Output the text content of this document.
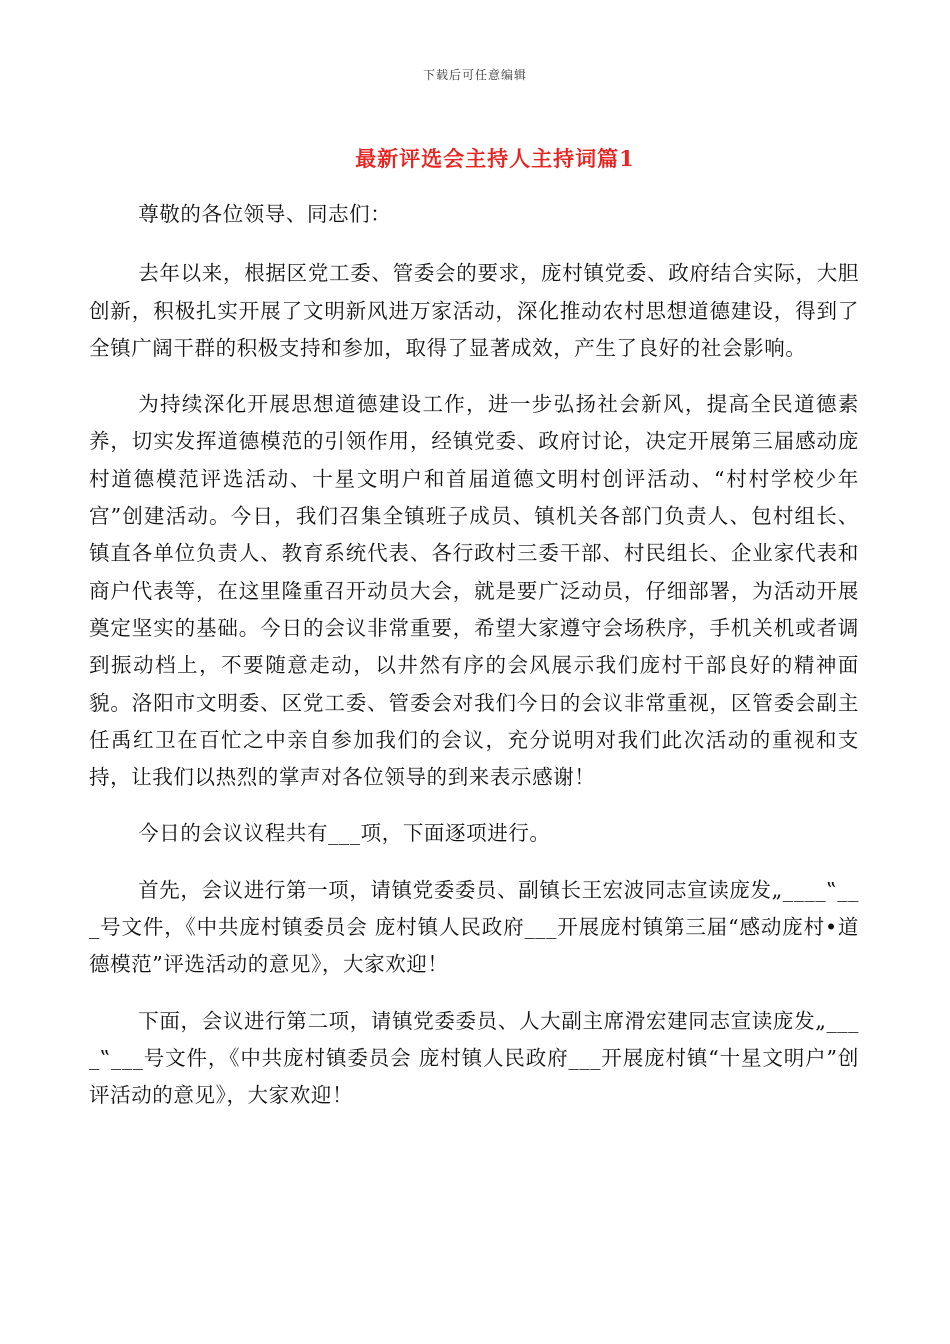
下载后可任意编辑
最新评选会主持人主持词篇1

尊敬的各位领导、同志们：

去年以来，根据区党工委、管委会的要求，庞村镇党委、政府结合实际，大胆创新，积极扎实开展了文明新风进万家活动，深化推动农村思想道德建设，得到了全镇广阔干群的积极支持和参加，取得了显著成效，产生了良好的社会影响。

为持续深化开展思想道德建设工作，进一步弘扬社会新风，提高全民道德素养，切实发挥道德模范的引领作用，经镇党委、政府讨论，决定开展第三届感动庞村道德模范评选活动、十星文明户和首届道德文明村创评活动、“村村学校少年宫”创建活动。今日，我们召集全镇班子成员、镇机关各部门负责人、包村组长、镇直各单位负责人、教育系统代表、各行政村三委干部、村民组长、企业家代表和商户代表等，在这里隆重召开动员大会，就是要广泛动员，仔细部署，为活动开展奠定坚实的基础。今日的会议非常重要，希望大家遵守会场秩序，手机关机或者调到振动档上，不要随意走动，以井然有序的会风展示我们庞村干部良好的精神面貌。洛阳市文明委、区党工委、管委会对我们今日的会议非常重视，区管委会副主任禹红卫在百忙之中亲自参加我们的会议，充分说明对我们此次活动的重视和支持，让我们以热烈的掌声对各位领导的到来表示感谢！

今日的会议议程共有___项，下面逐项进行。

首先，会议进行第一项，请镇党委委员、副镇长王宏波同志宣读庞发„____‟___号文件，《中共庞村镇委员会 庞村镇人民政府___开展庞村镇第三届“感动庞村•道德模范”评选活动的意见》，大家欢迎！

下面，会议进行第二项，请镇党委委员、人大副主席滑宏建同志宣读庞发„____‟___号文件，《中共庞村镇委员会 庞村镇人民政府___开展庞村镇“十星文明户”创评活动的意见》，大家欢迎！
